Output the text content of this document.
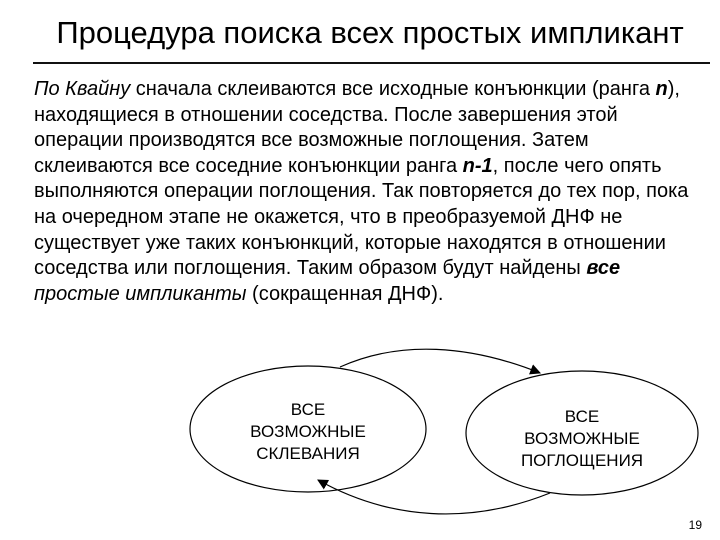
Процедура поиска всех простых импликант

По Квайну сначала склеиваются все исходные конъюнкции (ранга n), находящиеся в отношении соседства. После завершения этой операции производятся все возможные поглощения. Затем склеиваются все соседние конъюнкции ранга n-1, после чего опять выполняются операции поглощения. Так повторяется до тех пор, пока на очередном этапе не окажется, что в преобразуемой ДНФ не существует уже таких конъюнкций, которые находятся в отношении соседства или поглощения. Таким образом будут найдены все простые импликанты (сокращенная ДНФ).

ВСЕ
ВОЗМОЖНЫЕ
СКЛЕВАНИЯ
ВСЕ
ВОЗМОЖНЫЕ
ПОГЛОЩЕНИЯ
19
